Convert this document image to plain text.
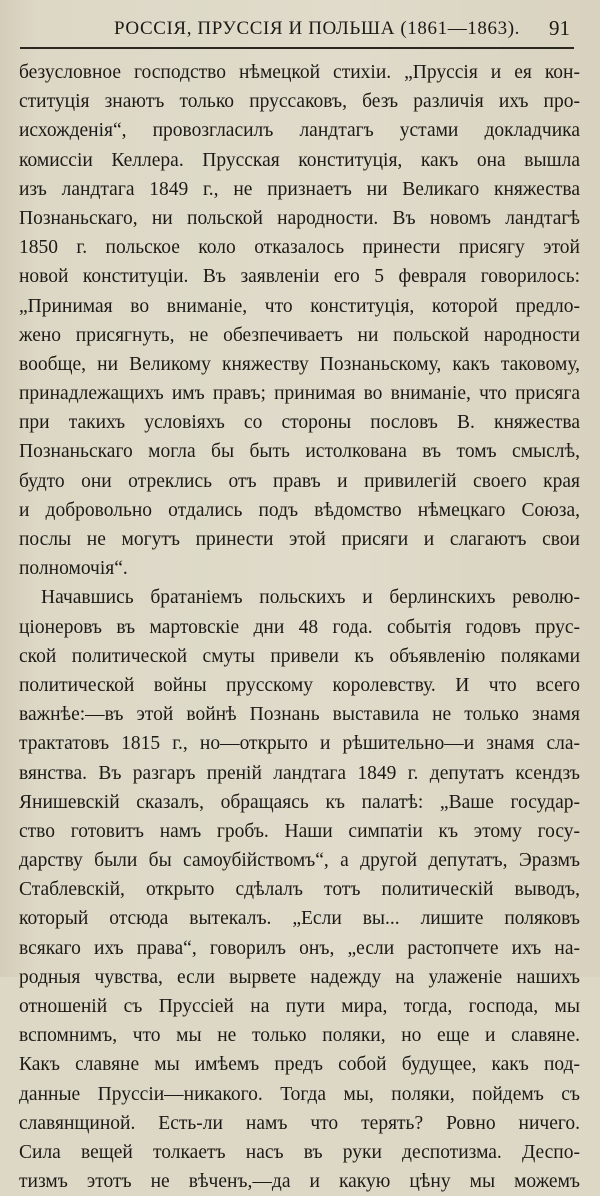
РОССІЯ, ПРУССІЯ И ПОЛЬША (1861—1863). 91
безусловное господство нѣмецкой стихіи. „Пруссія и ея кон-
ституція знаютъ только пруссаковъ, безъ различія ихъ про-
исхожденія“, провозгласилъ ландтагъ устами докладчика
комиссіи Келлера. Прусская конституція, какъ она вышла
изъ ландтага 1849 г., не признаетъ ни Великаго княжества
Познаньскаго, ни польской народности. Въ новомъ ландтагѣ
1850 г. польское коло отказалось принести присягу этой
новой конституціи. Въ заявленіи его 5 февраля говорилось:
„Принимая во вниманіе, что конституція, которой предло-
жено присягнуть, не обезпечиваетъ ни польской народности
вообще, ни Великому княжеству Познаньскому, какъ таковому,
принадлежащихъ имъ правъ; принимая во вниманіе, что присяга
при такихъ условіяхъ со стороны пословъ В. княжества
Познаньскаго могла бы быть истолкована въ томъ смыслѣ,
будто они отреклись отъ правъ и привилегій своего края
и добровольно отдались подъ вѣдомство нѣмецкаго Союза,
послы не могутъ принести этой присяги и слагаютъ свои
полномочія“.
Начавшись братаніемъ польскихъ и берлинскихъ револю-
ціонеровъ въ мартовскіе дни 48 года. событія годовъ прус-
ской политической смуты привели къ объявленію поляками
политической войны прусскому королевству. И что всего
важнѣе:—въ этой войнѣ Познань выставила не только знамя
трактатовъ 1815 г., но—открыто и рѣшительно—и знамя сла-
вянства. Въ разгаръ преній ландтага 1849 г. депутатъ ксендзъ
Янишевскій сказалъ, обращаясь къ палатѣ: „Ваше государ-
ство готовитъ намъ гробъ. Наши симпатіи къ этому госу-
дарству были бы самоубійствомъ“, а другой депутатъ, Эразмъ
Стаблевскій, открыто сдѣлалъ тотъ политическій выводъ,
который отсюда вытекалъ. „Если вы... лишите поляковъ
всякаго ихъ права“, говорилъ онъ, „если растопчете ихъ на-
родныя чувства, если вырвете надежду на улаженіе нашихъ
отношеній съ Пруссіей на пути мира, тогда, господа, мы
вспомнимъ, что мы не только поляки, но еще и славяне.
Какъ славяне мы имѣемъ предъ собой будущее, какъ под-
данные Пруссіи—никакого. Тогда мы, поляки, пойдемъ съ
славянщиной. Есть-ли намъ что терять? Ровно ничего.
Сила вещей толкаетъ насъ въ руки деспотизма. Деспо-
тизмъ этотъ не вѣченъ,—да и какую цѣну мы можемъ
